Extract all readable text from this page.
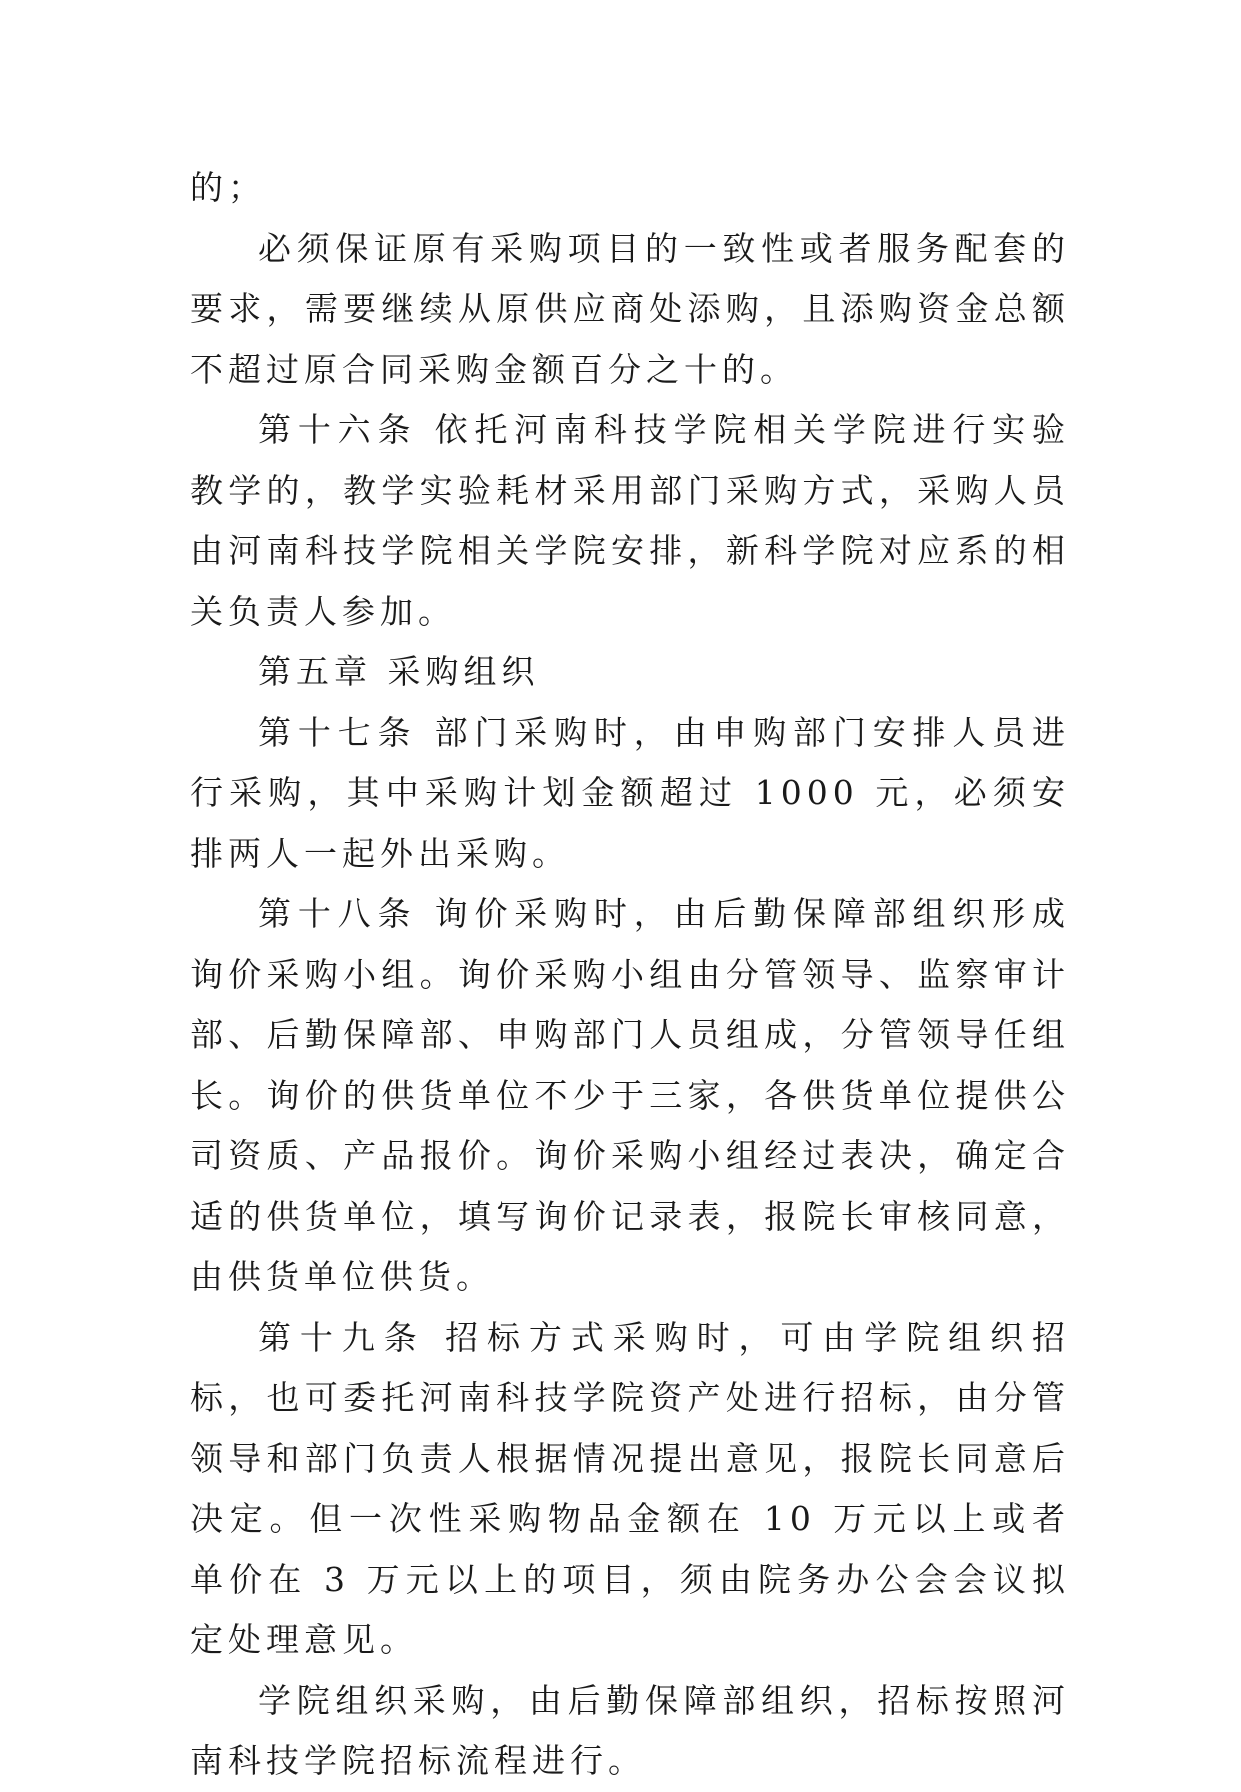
的；

必须保证原有采购项目的一致性或者服务配套的要求，需要继续从原供应商处添购，且添购资金总额不超过原合同采购金额百分之十的。

第十六条 依托河南科技学院相关学院进行实验教学的，教学实验耗材采用部门采购方式，采购人员由河南科技学院相关学院安排，新科学院对应系的相关负责人参加。

第五章 采购组织

第十七条 部门采购时，由申购部门安排人员进行采购，其中采购计划金额超过 1000 元，必须安排两人一起外出采购。

第十八条 询价采购时，由后勤保障部组织形成询价采购小组。询价采购小组由分管领导、监察审计部、后勤保障部、申购部门人员组成，分管领导任组长。询价的供货单位不少于三家，各供货单位提供公司资质、产品报价。询价采购小组经过表决，确定合适的供货单位，填写询价记录表，报院长审核同意，由供货单位供货。

第十九条 招标方式采购时，可由学院组织招标，也可委托河南科技学院资产处进行招标，由分管领导和部门负责人根据情况提出意见，报院长同意后决定。但一次性采购物品金额在 10 万元以上或者单价在 3 万元以上的项目，须由院务办公会会议拟定处理意见。

学院组织采购，由后勤保障部组织，招标按照河南科技学院招标流程进行。
